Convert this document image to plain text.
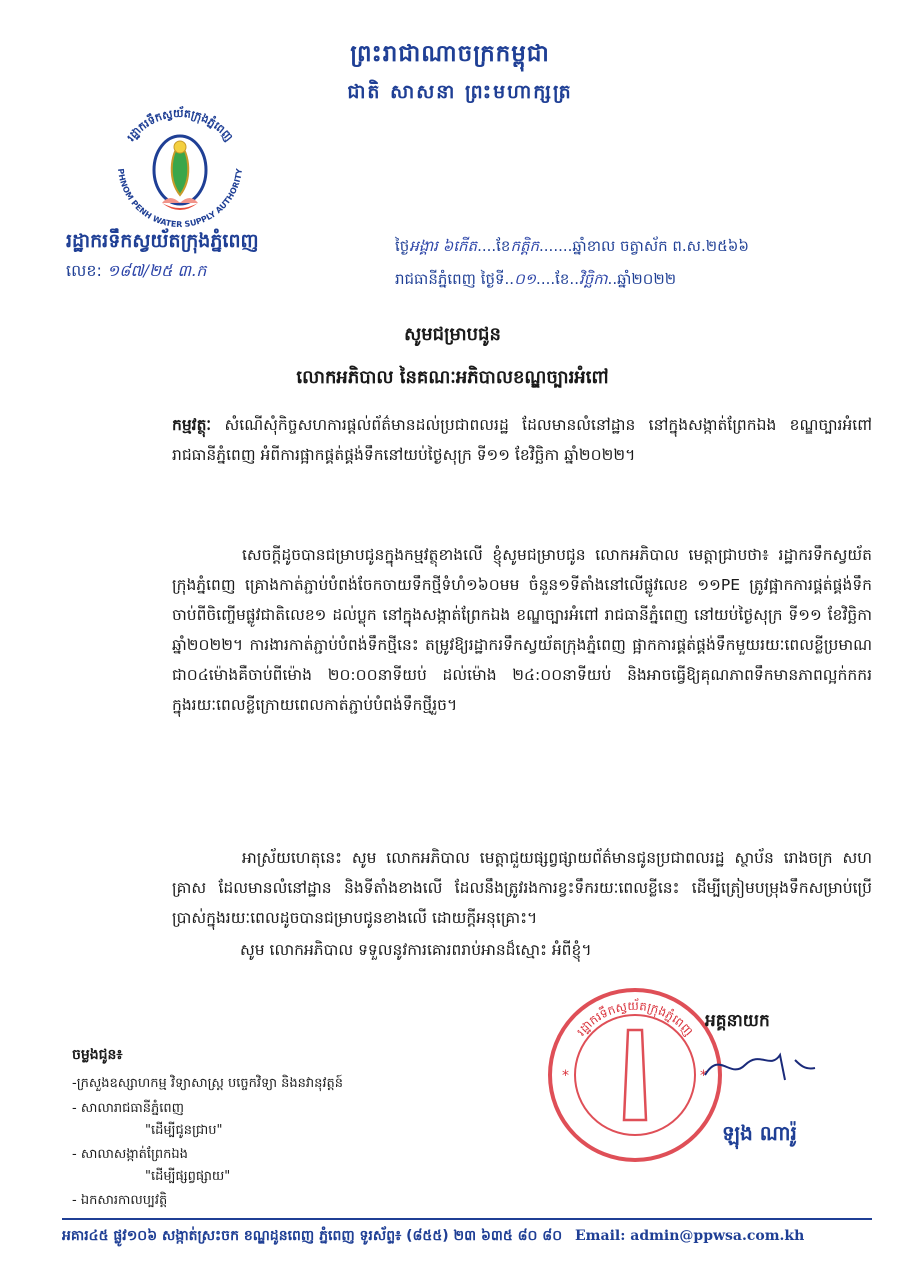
ព្រះរាជាណាចក្រកម្ពុជា
ជាតិ សាសនា ព្រះមហាក្សត្រ
រដ្ឋាករទឹកស្វយ័តក្រុងភ្នំពេញ
PHNOM PENH WATER SUPPLY AUTHORITY
រដ្ឋាករទឹកស្វយ័តក្រុងភ្នំពេញ
លេខ: ១៨៧/២៥ ៣.ក
ថ្ងៃអង្គារ ៦កើត....ខែកត្តិក.......ឆ្នាំខាល ចត្វាស័ក ព.ស.២៥៦៦
រាជធានីភ្នំពេញ ថ្ងៃទី..០១....ខែ..វិច្ឆិកា..ឆ្នាំ២០២២
សូមជម្រាបជូន
លោកអភិបាល នៃគណៈអភិបាលខណ្ឌច្បារអំពៅ
កម្មវត្ថុៈ សំណើសុំកិច្ចសហការផ្ដល់ព័ត៌មានដល់ប្រជាពលរដ្ឋ ដែលមានលំនៅដ្ឋាន នៅក្នុងសង្កាត់ព្រែកឯង ខណ្ឌច្បារអំពៅ រាជធានីភ្នំពេញ អំពីការផ្អាកផ្គត់ផ្គង់ទឹកនៅយប់ថ្ងៃសុក្រ ទី១១ ខែវិច្ឆិកា ឆ្នាំ២០២២។
សេចក្ដីដូចបានជម្រាបជូនក្នុងកម្មវត្ថុខាងលើ ខ្ញុំសូមជម្រាបជូន លោកអភិបាល មេត្តាជ្រាបថា៖ រដ្ឋាករទឹកស្វយ័តក្រុងភ្នំពេញ គ្រោងកាត់ភ្ជាប់បំពង់ចែកចាយទឹកថ្មីទំហំ១៦០មម ចំនួន១ទីតាំងនៅលើផ្លូវលេខ ១១PE ត្រូវផ្អាកការផ្គត់ផ្គង់ទឹកចាប់ពីចិញ្ចើមផ្លូវជាតិលេខ១ ដល់ប្លុក នៅក្នុងសង្កាត់ព្រែកឯង ខណ្ឌច្បារអំពៅ រាជធានីភ្នំពេញ នៅយប់ថ្ងៃសុក្រ ទី១១ ខែវិច្ឆិកា ឆ្នាំ២០២២។ ការងារកាត់ភ្ជាប់បំពង់ទឹកថ្មីនេះ តម្រូវឱ្យរដ្ឋាករទឹកស្វយ័តក្រុងភ្នំពេញ ផ្អាកការផ្គត់ផ្គង់ទឹកមួយរយៈពេលខ្លីប្រមាណជា០៤ម៉ោងគឺចាប់ពីម៉ោង ២០:០០នាទីយប់ ដល់ម៉ោង ២៤:០០នាទីយប់ និងអាចធ្វើឱ្យគុណភាពទឹកមានភាពល្អក់កករក្នុងរយៈពេលខ្លីក្រោយពេលកាត់ភ្ជាប់បំពង់ទឹកថ្មីរួច។
អាស្រ័យហេតុនេះ សូម លោកអភិបាល មេត្តាជួយផ្សព្វផ្សាយព័ត៌មានជូនប្រជាពលរដ្ឋ ស្ថាប័ន រោងចក្រ សហគ្រាស ដែលមានលំនៅដ្ឋាន និងទីតាំងខាងលើ ដែលនឹងត្រូវរងការខ្វះទឹករយៈពេលខ្លីនេះ ដើម្បីត្រៀមបម្រុងទឹកសម្រាប់ប្រើប្រាស់ក្នុងរយៈពេលដូចបានជម្រាបជូនខាងលើ ដោយក្ដីអនុគ្រោះ។
សូម លោកអភិបាល ទទួលនូវការគោរពរាប់អានដ៏ស្មោះ អំពីខ្ញុំ។
រដ្ឋាករទឹកស្វយ័តក្រុងភ្នំពេញ
*	*
អគ្គនាយក
ឡុង ណារ៉ូ
ចម្លងជូន៖
-ក្រសួងឧស្សាហកម្ម វិទ្យាសាស្ត្រ បច្ចេកវិទ្យា និងនវានុវត្តន៍
- សាលារាជធានីភ្នំពេញ
"ដើម្បីជូនជ្រាប"
- សាលាសង្កាត់ព្រែកឯង
"ដើម្បីផ្សព្វផ្សាយ"
- ឯកសារកាលប្បវត្តិ
អគារ៤៥ ផ្លូវ១០៦ សង្កាត់ស្រះចក ខណ្ឌដូនពេញ ភ្នំពេញ ទូរស័ព្ទ៖ (៨៥៥) ២៣ ៦៣៥ ៨០ ៨០ Email: admin@ppwsa.com.kh
